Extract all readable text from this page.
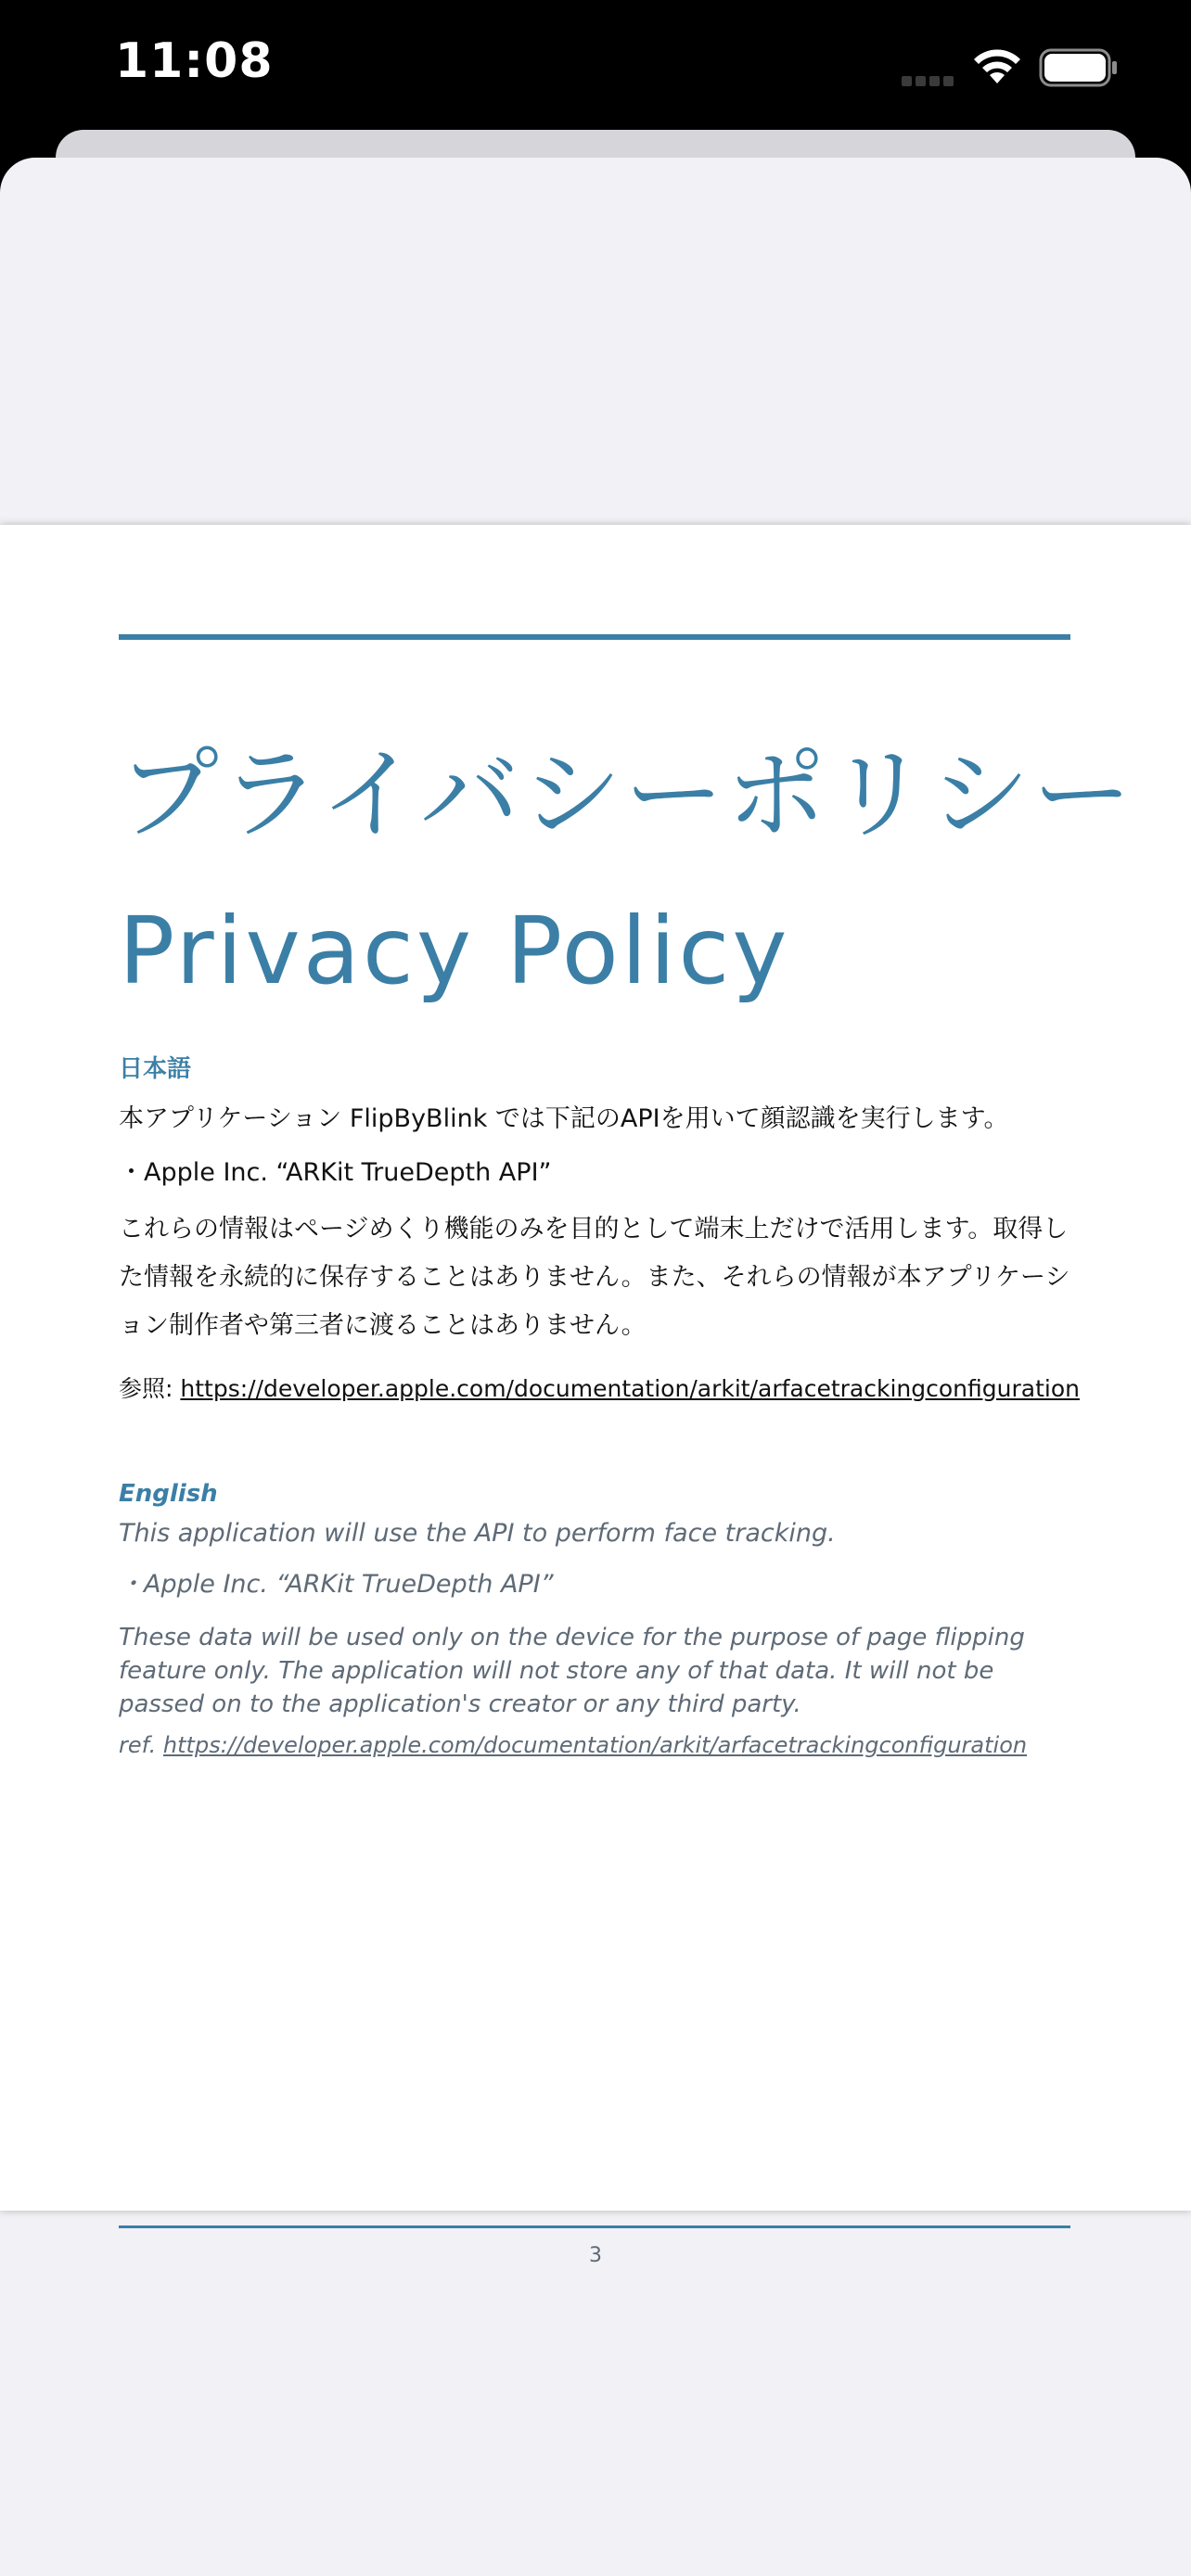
11:08
プライバシーポリシー
Privacy Policy
日本語
本アプリケーション FlipByBlink では下記のAPIを用いて顔認識を実行します。
・Apple Inc. “ARKit TrueDepth API”
これらの情報はページめくり機能のみを目的として端末上だけで活用します。取得した情報を永続的に保存することはありません。また、それらの情報が本アプリケーション制作者や第三者に渡ることはありません。
参照: https://developer.apple.com/documentation/arkit/arfacetrackingconfiguration
English
This application will use the API to perform face tracking.
・Apple Inc. “ARKit TrueDepth API”
These data will be used only on the device for the purpose of page flipping feature only. The application will not store any of that data. It will not be passed on to the application's creator or any third party.
ref. https://developer.apple.com/documentation/arkit/arfacetrackingconfiguration
3
